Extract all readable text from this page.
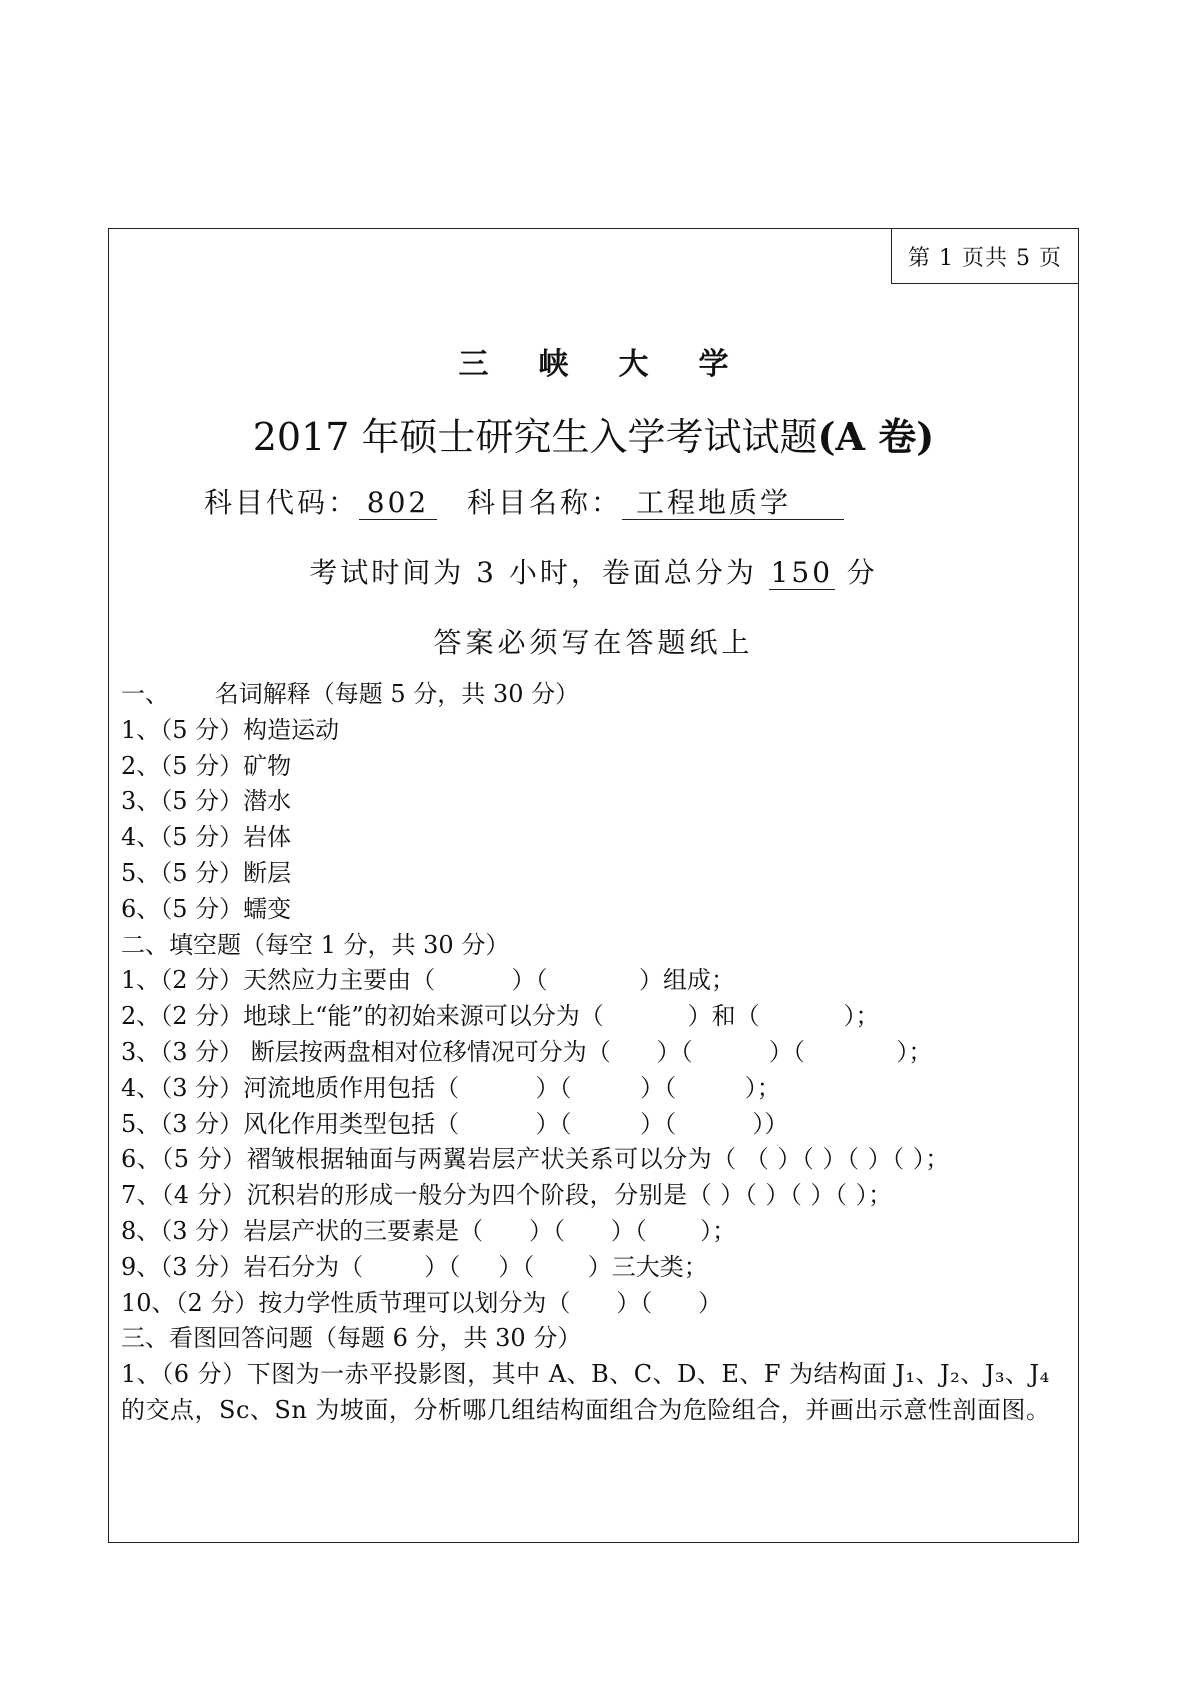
第 1 页共 5 页
三峡大学
2017 年硕士研究生入学考试试题(A 卷)
科目代码： 802 科目名称： 工程地质学
考试时间为 3 小时，卷面总分为 150 分
答案必须写在答题纸上
一、      名词解释（每题 5 分，共 30 分）
1、（5 分）构造运动
2、（5 分）矿物
3、（5 分）潜水
4、（5 分）岩体
5、（5 分）断层
6、（5 分）蠕变
二、填空题（每空 1 分，共 30 分）
1、（2 分）天然应力主要由（          ）（            ）组成；
2、（2 分）地球上“能”的初始来源可以分为（           ）和（           ）；
3、（3 分） 断层按两盘相对位移情况可分为（      ）（          ）（            ）；
4、（3 分）河流地质作用包括（          ）（         ）（         ）；
5、（3 分）风化作用类型包括（          ）（         ）（          ））
6、（5 分）褶皱根据轴面与两翼岩层产状关系可以分为（ （ ）（ ）（ ）（ ）；
7、（4 分）沉积岩的形成一般分为四个阶段，分别是（ ）（ ）（ ）（ ）；
8、（3 分）岩层产状的三要素是（      ）（      ）（       ）；
9、（3 分）岩石分为（        ）（     ）（       ）三大类；
10、（2 分）按力学性质节理可以划分为（      ）（      ）
三、看图回答问题（每题 6 分，共 30 分）
1、（6 分）下图为一赤平投影图，其中 A、B、C、D、E、F 为结构面 J₁、J₂、J₃、J₄的交点，Sc、Sn 为坡面，分析哪几组结构面组合为危险组合，并画出示意性剖面图。
